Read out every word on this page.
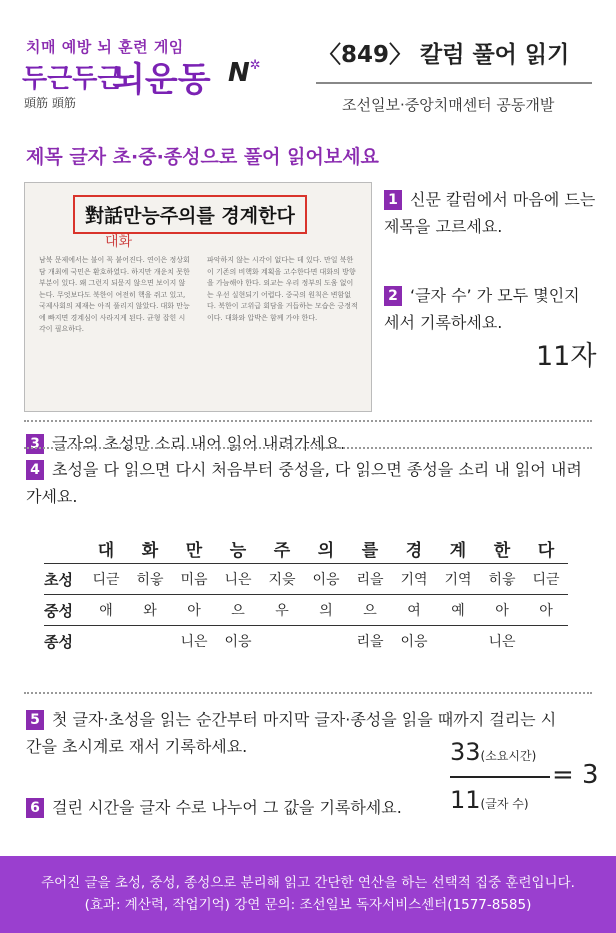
치매 예방 뇌 훈련 게임
두근두근
頭筋 頭筋
뇌운동 N✲ 〈849〉 칼럼 풀어 읽기
조선일보·중앙치매센터 공동개발
제목 글자 초·중·종성으로 풀어 읽어보세요
對話만능주의를 경계한다
대화
남북 문제에서는 불이 꼭 붙어진다. 연이은 정상회담 개최에 국민은 환호하였다. 하지만 개운치 못한 부분이 있다. 왜 그런지 되묻지 않으면 보이지 않는다. 무엇보다도 북한이 여전히 핵을 쥐고 있고, 국제사회의 제재는 아직 풀리지 않았다. 대화 만능에 빠지면 경계심이 사라지게 된다. 균형 잡힌 시각이 필요하다.
파악하지 않는 시각이 없다는 데 있다. 만일 북한이 기존의 비핵화 계획을 고수한다면 대화의 방향을 가늠해야 한다. 외교는 우리 정부의 도움 없이는 우선 실현되기 어렵다. 중국의 원칙은 변함없다. 북한이 고위급 회담을 거듭하는 모습은 긍정적이다. 대화와 압박은 함께 가야 한다.
1 신문 칼럼에서 마음에 드는 제목을 고르세요.
2 ‘글자 수’ 가 모두 몇인지 세서 기록하세요.
11자
3 글자의 초성만 소리 내어 읽어 내려가세요.
4 초성을 다 읽으면 다시 처음부터 중성을, 다 읽으면 종성을 소리 내 읽어 내려가세요.
	대	화	만	능	주	의	를	경	계	한	다
초성	디귿	히읗	미음	니은	지읒	이응	리을	기역	기역	히읗	디귿
중성	애	와	아	으	우	의	으	여	예	아	아
종성			니은	이응			리을	이응		니은	
5 첫 글자·초성을 읽는 순간부터 마지막 글자·종성을 읽을 때까지 걸리는 시간을 초시계로 재서 기록하세요.
6 걸린 시간을 글자 수로 나누어 그 값을 기록하세요.
33(소요시간)
11(글자 수)
= 3
주어진 글을 초성, 중성, 종성으로 분리해 읽고 간단한 연산을 하는 선택적 집중 훈련입니다.
(효과: 계산력, 작업기억) 강연 문의: 조선일보 독자서비스센터(1577-8585)
